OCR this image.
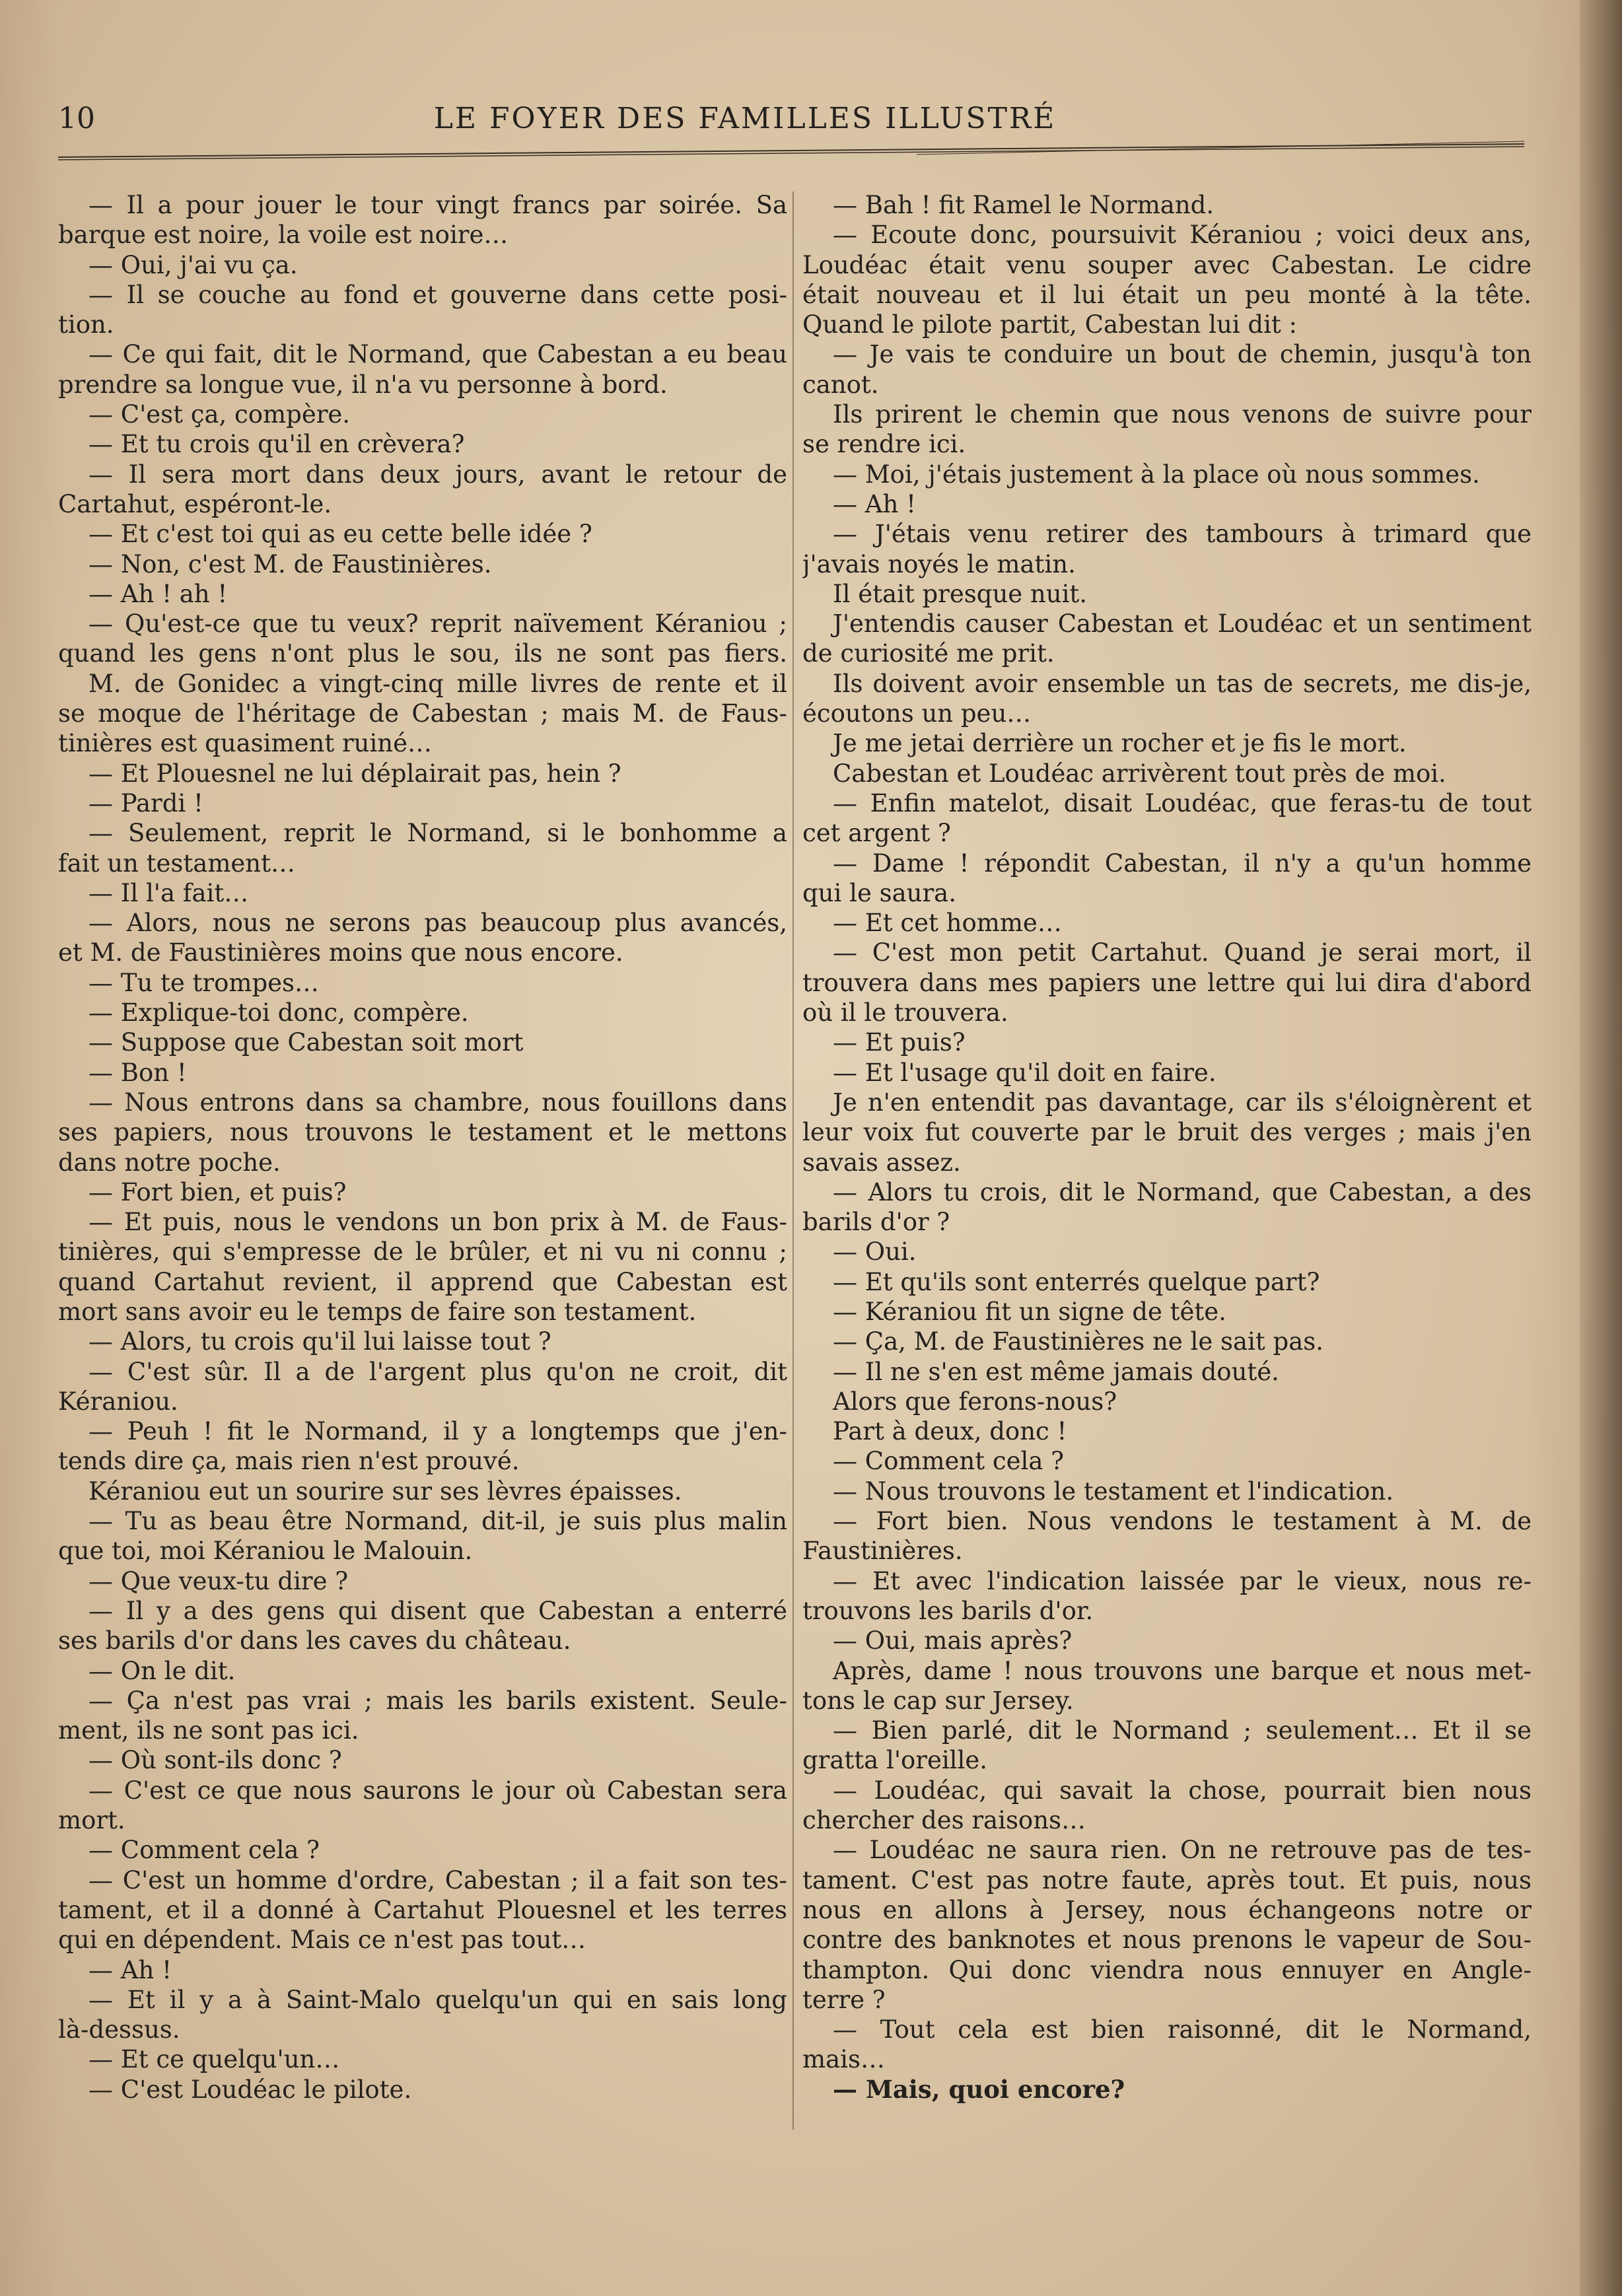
10	LE FOYER DES FAMILLES ILLUSTRÉ
— Il a pour jouer le tour vingt francs par soirée. Sa
barque est noire, la voile est noire…
— Oui, j'ai vu ça.
— Il se couche au fond et gouverne dans cette posi-
tion.
— Ce qui fait, dit le Normand, que Cabestan a eu beau
prendre sa longue vue, il n'a vu personne à bord.
— C'est ça, compère.
— Et tu crois qu'il en crèvera?
— Il sera mort dans deux jours, avant le retour de
Cartahut, espéront-le.
— Et c'est toi qui as eu cette belle idée ?
— Non, c'est M. de Faustinières.
— Ah ! ah !
— Qu'est-ce que tu veux? reprit naïvement Kéraniou ;
quand les gens n'ont plus le sou, ils ne sont pas fiers.
M. de Gonidec a vingt-cinq mille livres de rente et il
se moque de l'héritage de Cabestan ; mais M. de Faus-
tinières est quasiment ruiné…
— Et Plouesnel ne lui déplairait pas, hein ?
— Pardi !
— Seulement, reprit le Normand, si le bonhomme a
fait un testament…
— Il l'a fait…
— Alors, nous ne serons pas beaucoup plus avancés,
et M. de Faustinières moins que nous encore.
— Tu te trompes…
— Explique-toi donc, compère.
— Suppose que Cabestan soit mort
— Bon !
— Nous entrons dans sa chambre, nous fouillons dans
ses papiers, nous trouvons le testament et le mettons
dans notre poche.
— Fort bien, et puis?
— Et puis, nous le vendons un bon prix à M. de Faus-
tinières, qui s'empresse de le brûler, et ni vu ni connu ;
quand Cartahut revient, il apprend que Cabestan est
mort sans avoir eu le temps de faire son testament.
— Alors, tu crois qu'il lui laisse tout ?
— C'est sûr. Il a de l'argent plus qu'on ne croit, dit
Kéraniou.
— Peuh ! fit le Normand, il y a longtemps que j'en-
tends dire ça, mais rien n'est prouvé.
Kéraniou eut un sourire sur ses lèvres épaisses.
— Tu as beau être Normand, dit-il, je suis plus malin
que toi, moi Kéraniou le Malouin.
— Que veux-tu dire ?
— Il y a des gens qui disent que Cabestan a enterré
ses barils d'or dans les caves du château.
— On le dit.
— Ça n'est pas vrai ; mais les barils existent. Seule-
ment, ils ne sont pas ici.
— Où sont-ils donc ?
— C'est ce que nous saurons le jour où Cabestan sera
mort.
— Comment cela ?
— C'est un homme d'ordre, Cabestan ; il a fait son tes-
tament, et il a donné à Cartahut Plouesnel et les terres
qui en dépendent. Mais ce n'est pas tout…
— Ah !
— Et il y a à Saint-Malo quelqu'un qui en sais long
là-dessus.
— Et ce quelqu'un…
— C'est Loudéac le pilote.
— Bah ! fit Ramel le Normand.
— Ecoute donc, poursuivit Kéraniou ; voici deux ans,
Loudéac était venu souper avec Cabestan. Le cidre
était nouveau et il lui était un peu monté à la tête.
Quand le pilote partit, Cabestan lui dit :
— Je vais te conduire un bout de chemin, jusqu'à ton
canot.
Ils prirent le chemin que nous venons de suivre pour
se rendre ici.
— Moi, j'étais justement à la place où nous sommes.
— Ah !
— J'étais venu retirer des tambours à trimard que
j'avais noyés le matin.
Il était presque nuit.
J'entendis causer Cabestan et Loudéac et un sentiment
de curiosité me prit.
Ils doivent avoir ensemble un tas de secrets, me dis-je,
écoutons un peu…
Je me jetai derrière un rocher et je fis le mort.
Cabestan et Loudéac arrivèrent tout près de moi.
— Enfin matelot, disait Loudéac, que feras-tu de tout
cet argent ?
— Dame ! répondit Cabestan, il n'y a qu'un homme
qui le saura.
— Et cet homme…
— C'est mon petit Cartahut. Quand je serai mort, il
trouvera dans mes papiers une lettre qui lui dira d'abord
où il le trouvera.
— Et puis?
— Et l'usage qu'il doit en faire.
Je n'en entendit pas davantage, car ils s'éloignèrent et
leur voix fut couverte par le bruit des verges ; mais j'en
savais assez.
— Alors tu crois, dit le Normand, que Cabestan, a des
barils d'or ?
— Oui.
— Et qu'ils sont enterrés quelque part?
— Kéraniou fit un signe de tête.
— Ça, M. de Faustinières ne le sait pas.
— Il ne s'en est même jamais douté.
Alors que ferons-nous?
Part à deux, donc !
— Comment cela ?
— Nous trouvons le testament et l'indication.
— Fort bien. Nous vendons le testament à M. de
Faustinières.
— Et avec l'indication laissée par le vieux, nous re-
trouvons les barils d'or.
— Oui, mais après?
Après, dame ! nous trouvons une barque et nous met-
tons le cap sur Jersey.
— Bien parlé, dit le Normand ; seulement… Et il se
gratta l'oreille.
— Loudéac, qui savait la chose, pourrait bien nous
chercher des raisons…
— Loudéac ne saura rien. On ne retrouve pas de tes-
tament. C'est pas notre faute, après tout. Et puis, nous
nous en allons à Jersey, nous échangeons notre or
contre des banknotes et nous prenons le vapeur de Sou-
thampton. Qui donc viendra nous ennuyer en Angle-
terre ?
— Tout cela est bien raisonné, dit le Normand,
mais…
— Mais, quoi encore?
